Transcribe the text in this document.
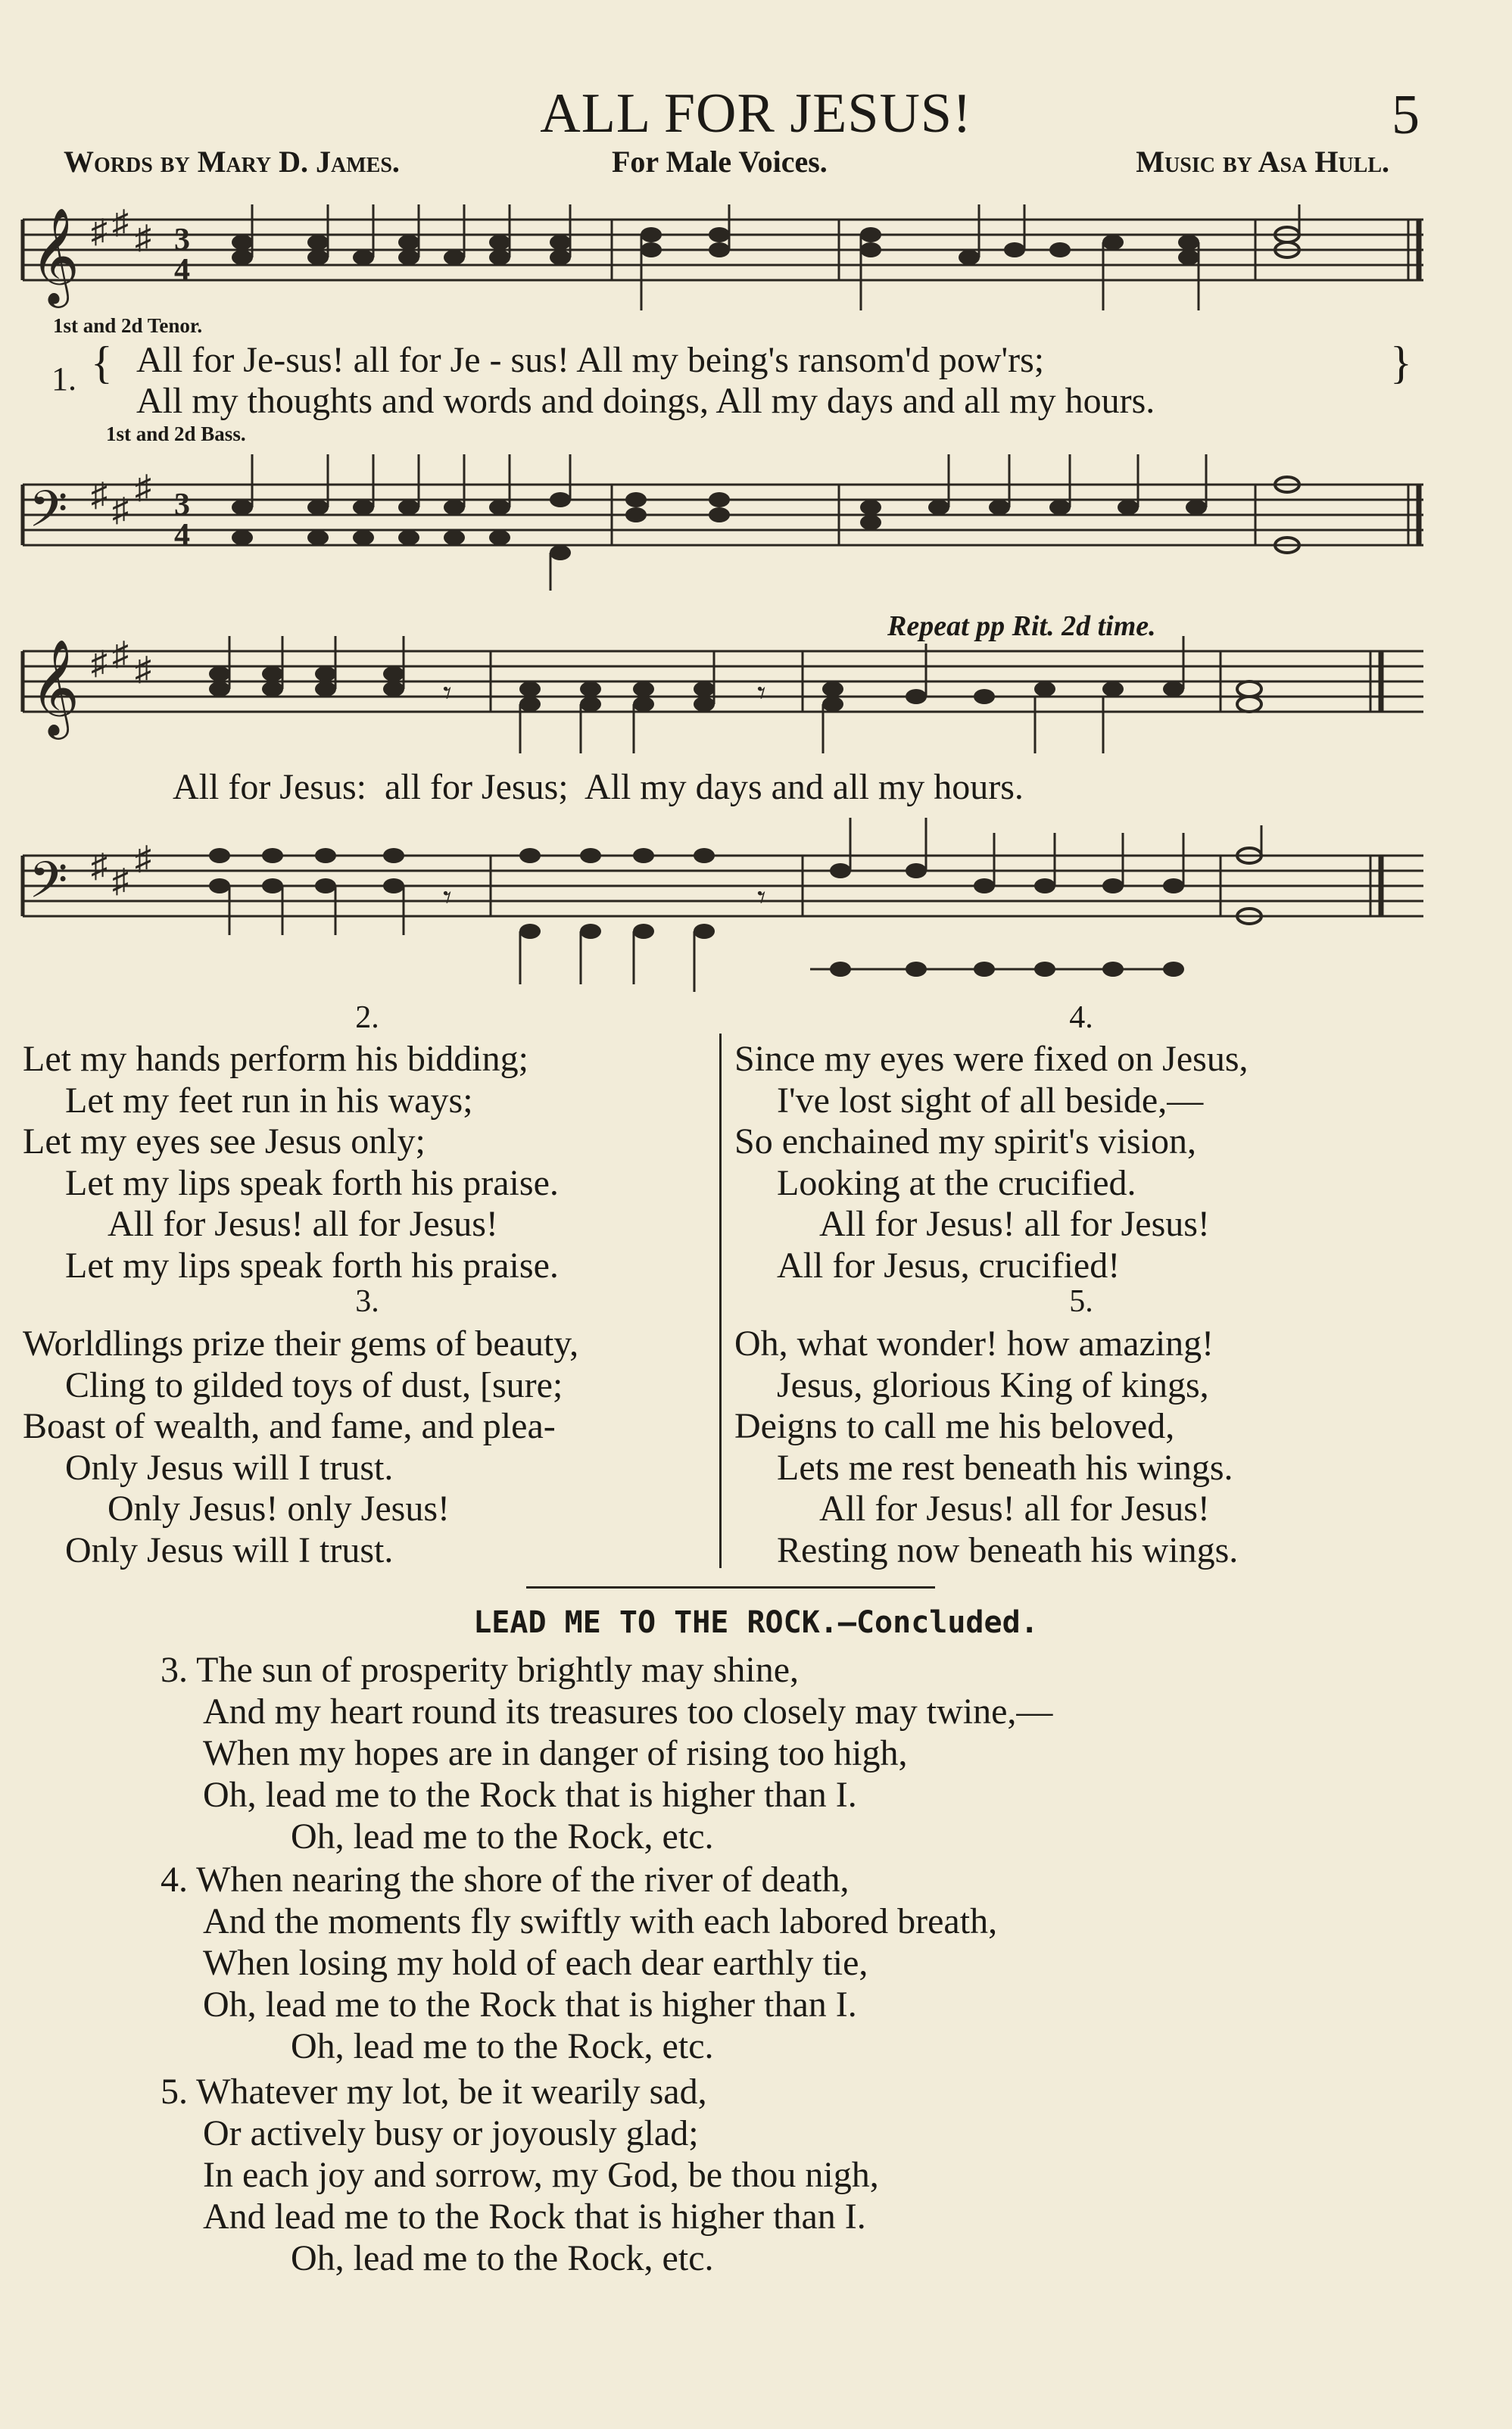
ALL FOR JESUS!	5
Words by Mary D. James.	For Male Voices.	Music by Asa Hull.
𝄞 ♯ ♯ ♯ 3
4
1st and 2d Tenor.
1. { All for Je-sus! all for Je - sus! All my being's ransom'd pow'rs;
All my thoughts and words and doings, All my days and all my hours.
}
1st and 2d Bass.
𝄢 ♯ ♯
♯ 3
4
Repeat pp Rit. 2d time.
𝄞 ♯ ♯ ♯
𝄾	𝄾
All for Jesus:  all for Jesus;  All my days and all my hours.
𝄢 ♯ ♯
♯
𝄾	𝄾
2.
Let my hands perform his bidding;
Let my feet run in his ways;
Let my eyes see Jesus only;
Let my lips speak forth his praise.
All for Jesus! all for Jesus!
Let my lips speak forth his praise.
3.
Worldlings prize their gems of beauty,
Cling to gilded toys of dust, [sure;
Boast of wealth, and fame, and plea-
Only Jesus will I trust.
Only Jesus! only Jesus!
Only Jesus will I trust.
4.
Since my eyes were fixed on Jesus,
I've lost sight of all beside,—
So enchained my spirit's vision,
Looking at the crucified.
All for Jesus! all for Jesus!
All for Jesus, crucified!
5.
Oh, what wonder! how amazing!
Jesus, glorious King of kings,
Deigns to call me his beloved,
Lets me rest beneath his wings.
All for Jesus! all for Jesus!
Resting now beneath his wings.
LEAD ME TO THE ROCK.—Concluded.
3. The sun of prosperity brightly may shine,
And my heart round its treasures too closely may twine,—
When my hopes are in danger of rising too high,
Oh, lead me to the Rock that is higher than I.
Oh, lead me to the Rock, etc.
4. When nearing the shore of the river of death,
And the moments fly swiftly with each labored breath,
When losing my hold of each dear earthly tie,
Oh, lead me to the Rock that is higher than I.
Oh, lead me to the Rock, etc.
5. Whatever my lot, be it wearily sad,
Or actively busy or joyously glad;
In each joy and sorrow, my God, be thou nigh,
And lead me to the Rock that is higher than I.
Oh, lead me to the Rock, etc.
